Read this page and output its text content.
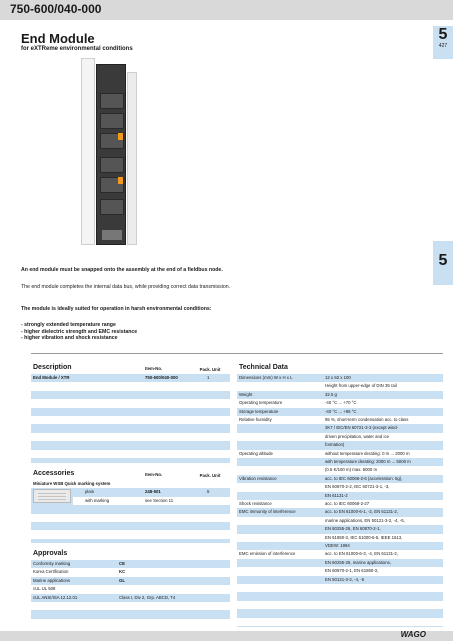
750-600/040-000
End Module
for eXTReme environmental conditions
5
427
5
An end module must be snapped onto the assembly at the end of a fieldbus node.
The end module completes the internal data bus, while providing correct data transmission.
The module is ideally suited for operation in harsh environmental conditions:
- strongly extended temperature range
- higher dielectric strength and EMC resistance
- higher vibration and shock resistance
Description	Item-No.	Pack. Unit
End Module / XTR	750-600/040-000	1
Accessories	Item-No.	Pack. Unit
Miniature WSB Quick marking system
plain	248-501	5
with marking	see Section 11
Approvals
Conformity marking	CE
Korea Certification	KC
Marine applications	GL
cUL UL 508
cUL ANSI/ISA 12.12.01	Class I, Div 2, Grp. ABCD, T4
Technical Data
Dimensions (mm) W x H x L	12 x 62 x 100
Height from upper-edge of DIN 35 rail
Weight	32.5 g
Operating temperature	-40 °C ... +70 °C
Storage temperature	-40 °C ... +85 °C
Relative humidity	95 %, short-term condensation acc. to class
3K7 / IEC/EN 60721-3-3 (except wind-
driven precipitation, water and ice
formation)
Operating altitude	without temperature derating: 0 m ... 2000 m
with temperature derating: 2000 m ... 5000 m
(0.5 K/100 m) max. 5000 m
Vibration resistance	acc. to IEC 60068-2-6 (acceleration: 5g),
EN 60870-2-2, IEC 60721-3-1, -3,
EN 61131-2
Shock resistance	acc. to IEC 60068-2-27
EMC immunity of interference	acc. to EN 61000-6-1, -2, EN 61131-2,
marine applications, EN 50121-3-2, -4, -5,
EN 60255-26, EN 60870-2-1,
EN 61850-3, IEC 61000-6-5, IEEE 1613,
VDEW: 1994
EMC emission of interference	acc. to EN 61000-6-3, -4, EN 61131-2,
EN 60255-26, marine applications,
EN 60870-2-1, EN 61850-3,
EN 50121-3-2, -4, -5
WAGO
